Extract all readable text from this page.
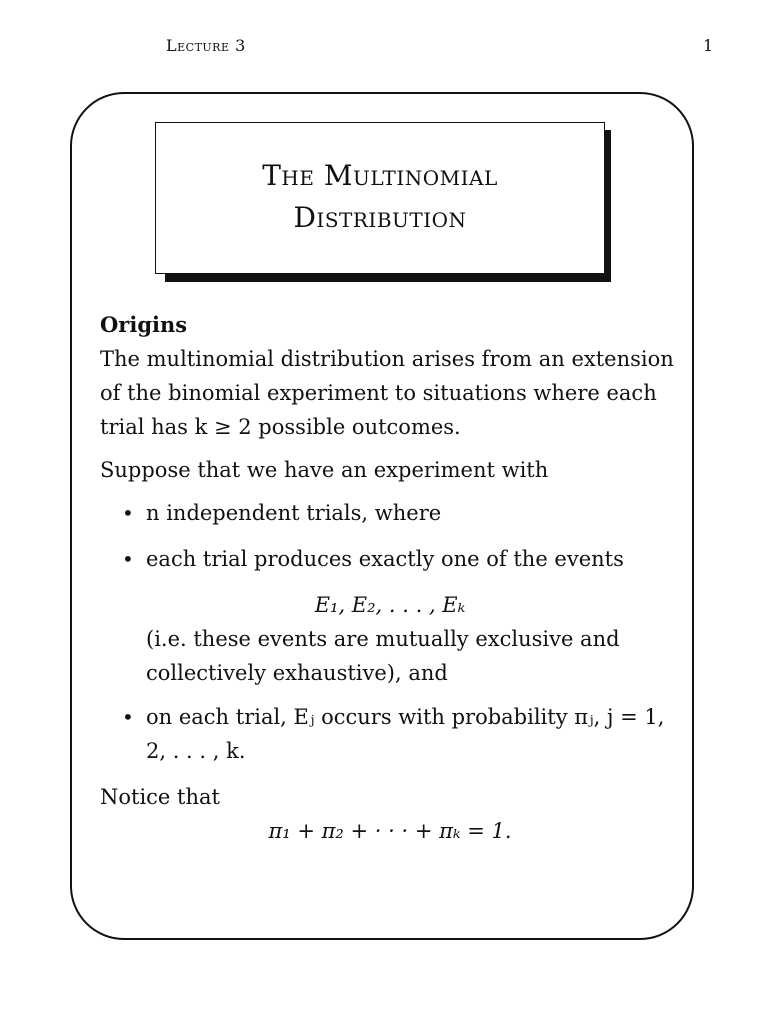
Lecture 3	1
The Multinomial
Distribution

Origins

The multinomial distribution arises from an extension of the binomial experiment to situations where each trial has k ≥ 2 possible outcomes.

Suppose that we have an experiment with

• n independent trials, where
• each trial produces exactly one of the events

E₁, E₂, . . . , Eₖ

(i.e. these events are mutually exclusive and collectively exhaustive), and

• on each trial, Eⱼ occurs with probability πⱼ, j = 1, 2, . . . , k.

Notice that

π₁ + π₂ + · · · + πₖ = 1.
